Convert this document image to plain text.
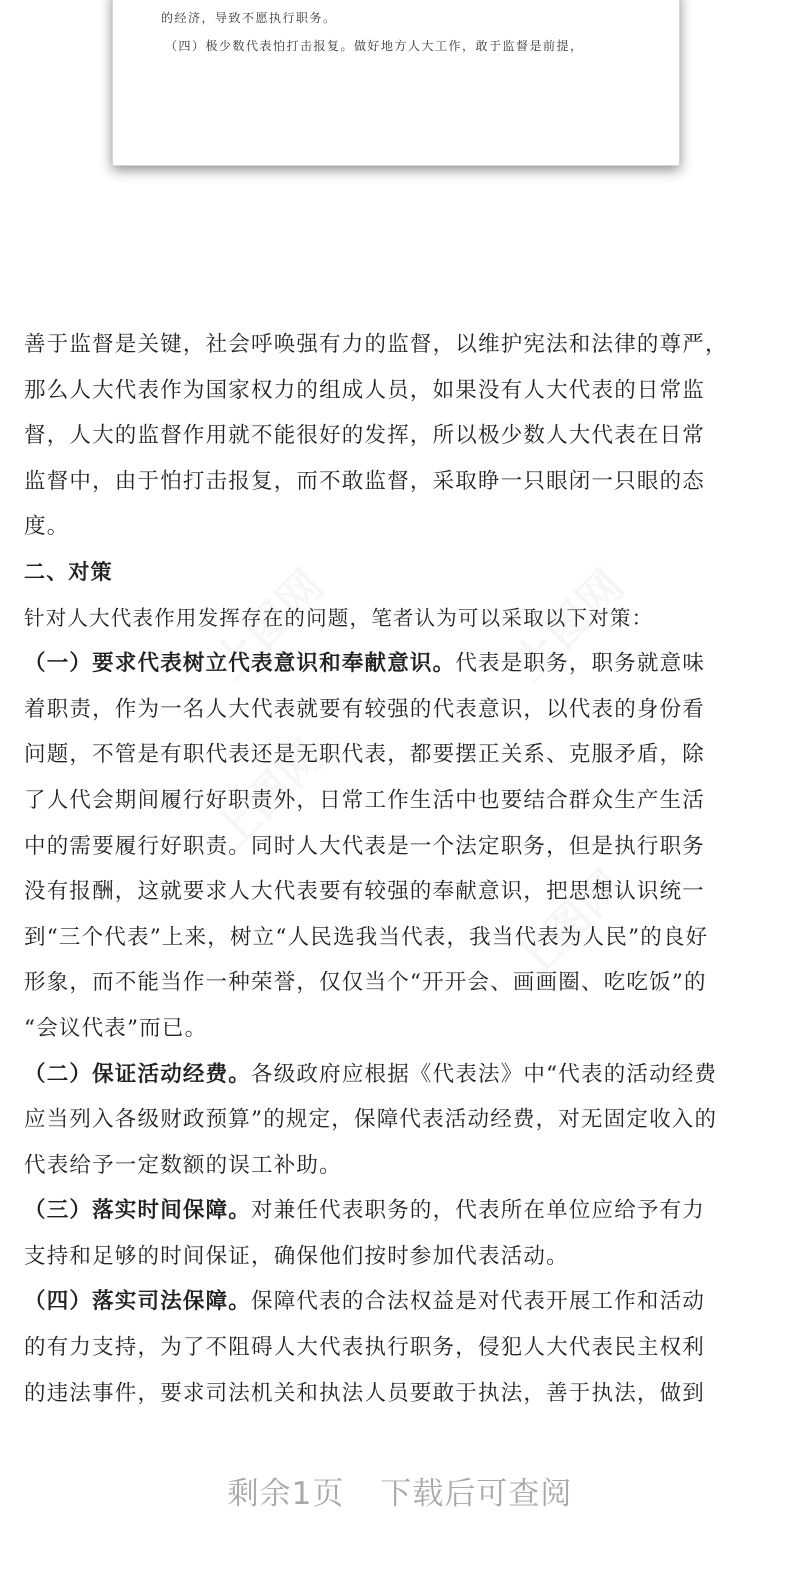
的经济，导致不愿执行职务。
（四）极少数代表怕打击报复。做好地方人大工作，敢于监督是前提，
善于监督是关键，社会呼唤强有力的监督，以维护宪法和法律的尊严，
那么人大代表作为国家权力的组成人员，如果没有人大代表的日常监
督，人大的监督作用就不能很好的发挥，所以极少数人大代表在日常
监督中，由于怕打击报复，而不敢监督，采取睁一只眼闭一只眼的态
度。
二、对策
针对人大代表作用发挥存在的问题，笔者认为可以采取以下对策：
（一）要求代表树立代表意识和奉献意识。代表是职务，职务就意味
着职责，作为一名人大代表就要有较强的代表意识，以代表的身份看
问题，不管是有职代表还是无职代表，都要摆正关系、克服矛盾，除
了人代会期间履行好职责外，日常工作生活中也要结合群众生产生活
中的需要履行好职责。同时人大代表是一个法定职务，但是执行职务
没有报酬，这就要求人大代表要有较强的奉献意识，把思想认识统一
到“三个代表”上来，树立“人民选我当代表，我当代表为人民”的良好
形象，而不能当作一种荣誉，仅仅当个“开开会、画画圈、吃吃饭”的
“会议代表”而已。
（二）保证活动经费。各级政府应根据《代表法》中“代表的活动经费
应当列入各级财政预算”的规定，保障代表活动经费，对无固定收入的
代表给予一定数额的误工补助。
（三）落实时间保障。对兼任代表职务的，代表所在单位应给予有力
支持和足够的时间保证，确保他们按时参加代表活动。
（四）落实司法保障。保障代表的合法权益是对代表开展工作和活动
的有力支持，为了不阻碍人大代表执行职务，侵犯人大代表民主权利
的违法事件，要求司法机关和执法人员要敢于执法，善于执法，做到
剩余1页 下载后可查阅
